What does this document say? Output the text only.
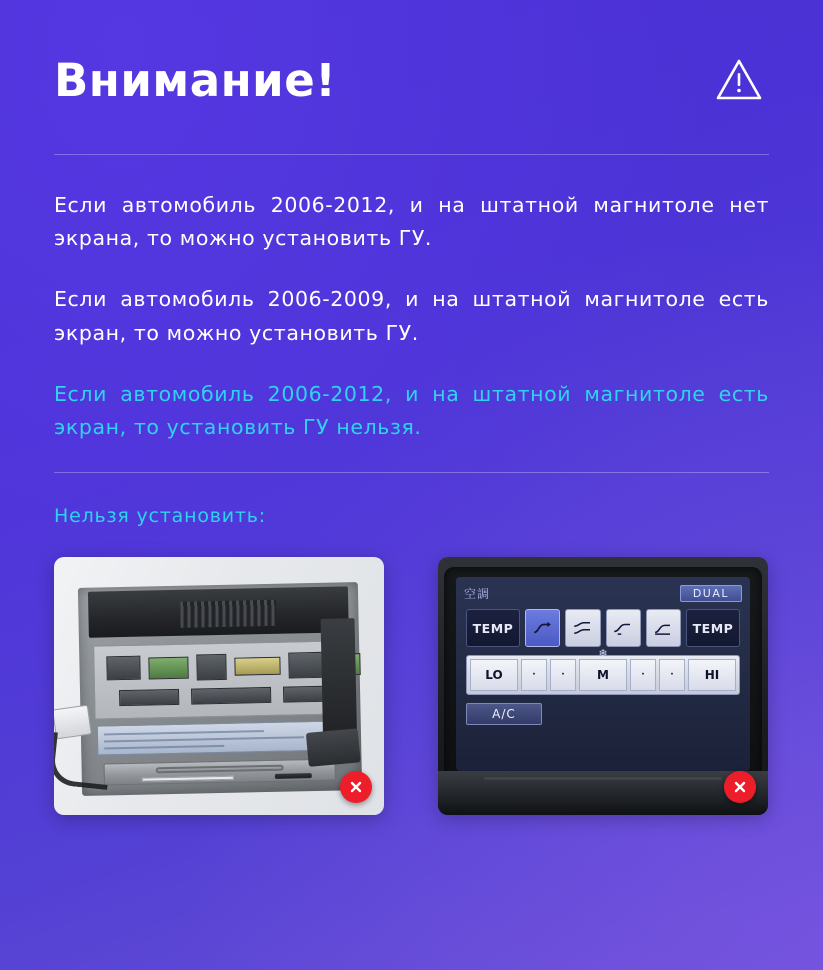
Внимание!
Если автомобиль 2006-2012, и на штатной магнитоле нет экрана, то можно установить ГУ.
Если автомобиль 2006-2009, и на штатной магнитоле есть экран, то можно установить ГУ.
Если автомобиль 2006-2012, и на штатной магнитоле есть экран, то установить ГУ нельзя.
Нельзя установить:
空調	DUAL
TEMP	TEMP
❄
LO	·	·	M	·	·	HI
A/C
